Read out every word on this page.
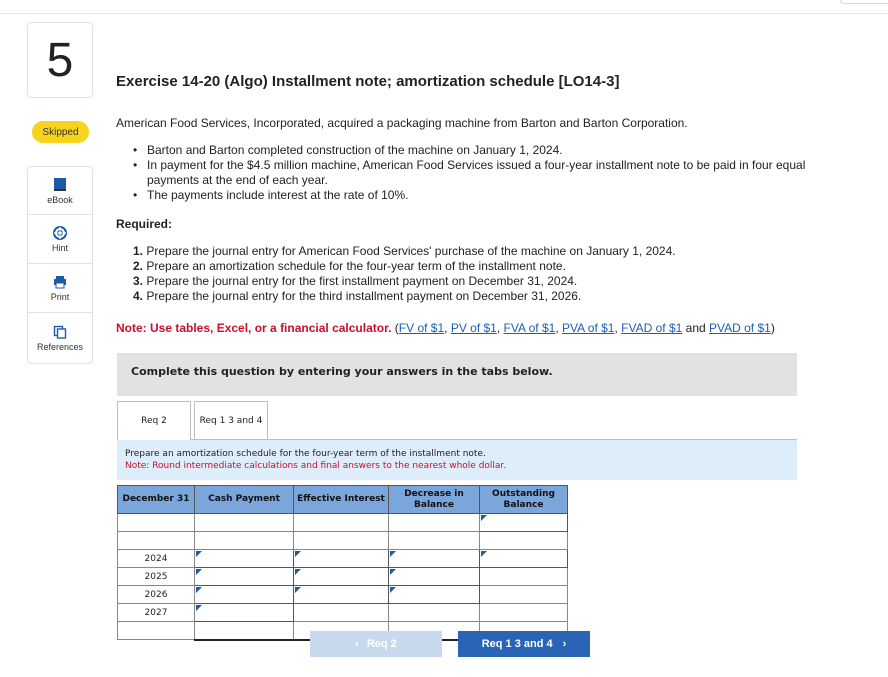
5
Skipped
eBook
Hint
Print
References
Exercise 14-20 (Algo) Installment note; amortization schedule [LO14-3]
American Food Services, Incorporated, acquired a packaging machine from Barton and Barton Corporation.
• Barton and Barton completed construction of the machine on January 1, 2024.
• In payment for the $4.5 million machine, American Food Services issued a four-year installment note to be paid in four equal payments at the end of each year.
• The payments include interest at the rate of 10%.
Required:
1. Prepare the journal entry for American Food Services' purchase of the machine on January 1, 2024.
2. Prepare an amortization schedule for the four-year term of the installment note.
3. Prepare the journal entry for the first installment payment on December 31, 2024.
4. Prepare the journal entry for the third installment payment on December 31, 2026.
Note: Use tables, Excel, or a financial calculator. (FV of $1, PV of $1, FVA of $1, PVA of $1, FVAD of $1 and PVAD of $1)
Complete this question by entering your answers in the tabs below.
Req 2	Req 1 3 and 4
Prepare an amortization schedule for the four-year term of the installment note.
Note: Round intermediate calculations and final answers to the nearest whole dollar.
December 31	Cash Payment	Effective Interest	Decrease in Balance	Outstanding Balance

2024				
2025				
2026				
2027				

‹ Req 2	Req 1 3 and 4 ›
